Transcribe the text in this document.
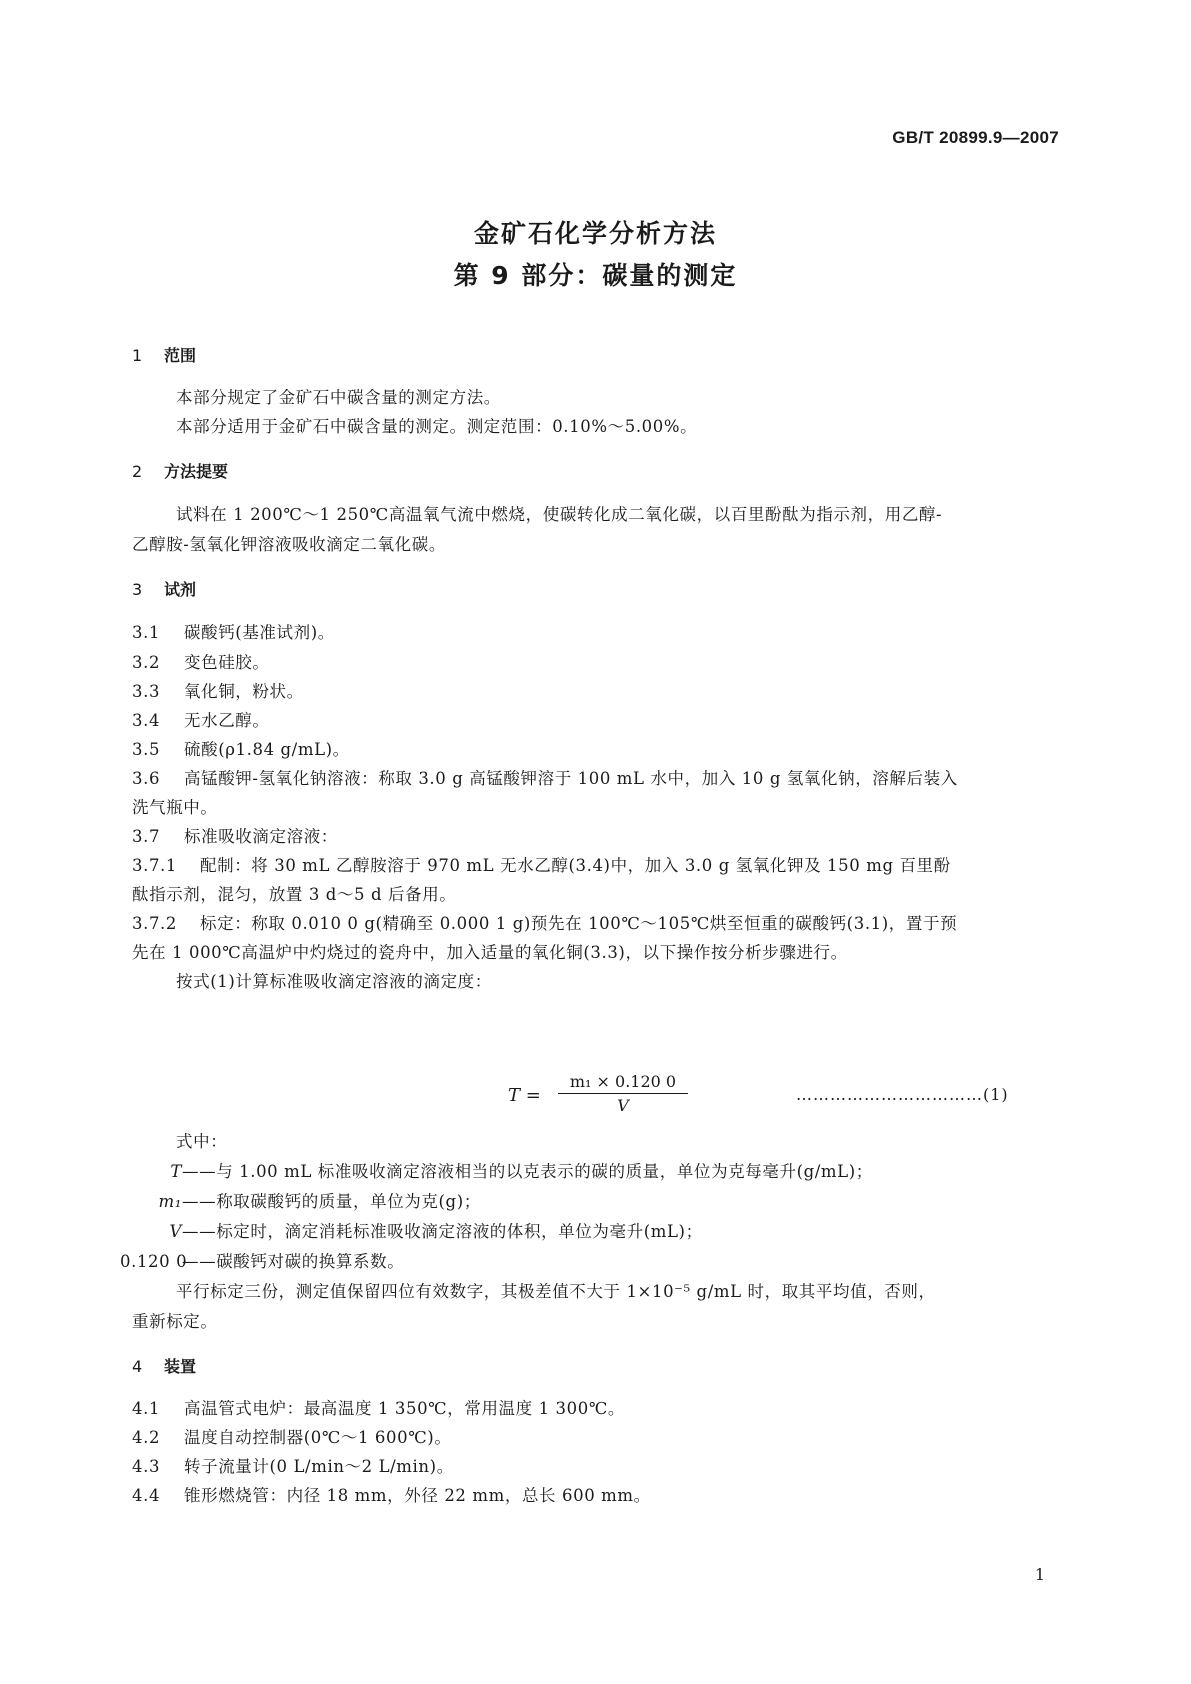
GB/T 20899.9—2007
金矿石化学分析方法
第 9 部分：碳量的测定
1 范围
本部分规定了金矿石中碳含量的测定方法。
本部分适用于金矿石中碳含量的测定。测定范围：0.10%～5.00%。
2 方法提要
试料在 1 200℃～1 250℃高温氧气流中燃烧，使碳转化成二氧化碳，以百里酚酞为指示剂，用乙醇-
乙醇胺-氢氧化钾溶液吸收滴定二氧化碳。
3 试剂
3.1 碳酸钙(基准试剂)。
3.2 变色硅胶。
3.3 氧化铜，粉状。
3.4 无水乙醇。
3.5 硫酸(ρ1.84 g/mL)。
3.6 高锰酸钾-氢氧化钠溶液：称取 3.0 g 高锰酸钾溶于 100 mL 水中，加入 10 g 氢氧化钠，溶解后装入
洗气瓶中。
3.7 标准吸收滴定溶液：
3.7.1 配制：将 30 mL 乙醇胺溶于 970 mL 无水乙醇(3.4)中，加入 3.0 g 氢氧化钾及 150 mg 百里酚
酞指示剂，混匀，放置 3 d～5 d 后备用。
3.7.2 标定：称取 0.010 0 g(精确至 0.000 1 g)预先在 100℃～105℃烘至恒重的碳酸钙(3.1)，置于预
先在 1 000℃高温炉中灼烧过的瓷舟中，加入适量的氧化铜(3.3)，以下操作按分析步骤进行。
按式(1)计算标准吸收滴定溶液的滴定度：
T =
m₁ × 0.120 0
V
……………………………(1)
式中：
T——与 1.00 mL 标准吸收滴定溶液相当的以克表示的碳的质量，单位为克每毫升(g/mL)；
m₁——称取碳酸钙的质量，单位为克(g)；
V——标定时，滴定消耗标准吸收滴定溶液的体积，单位为毫升(mL)；
0.120 0——碳酸钙对碳的换算系数。
平行标定三份，测定值保留四位有效数字，其极差值不大于 1×10⁻⁵ g/mL 时，取其平均值，否则，
重新标定。
4 装置
4.1 高温管式电炉：最高温度 1 350℃，常用温度 1 300℃。
4.2 温度自动控制器(0℃～1 600℃)。
4.3 转子流量计(0 L/min～2 L/min)。
4.4 锥形燃烧管：内径 18 mm，外径 22 mm，总长 600 mm。
1
